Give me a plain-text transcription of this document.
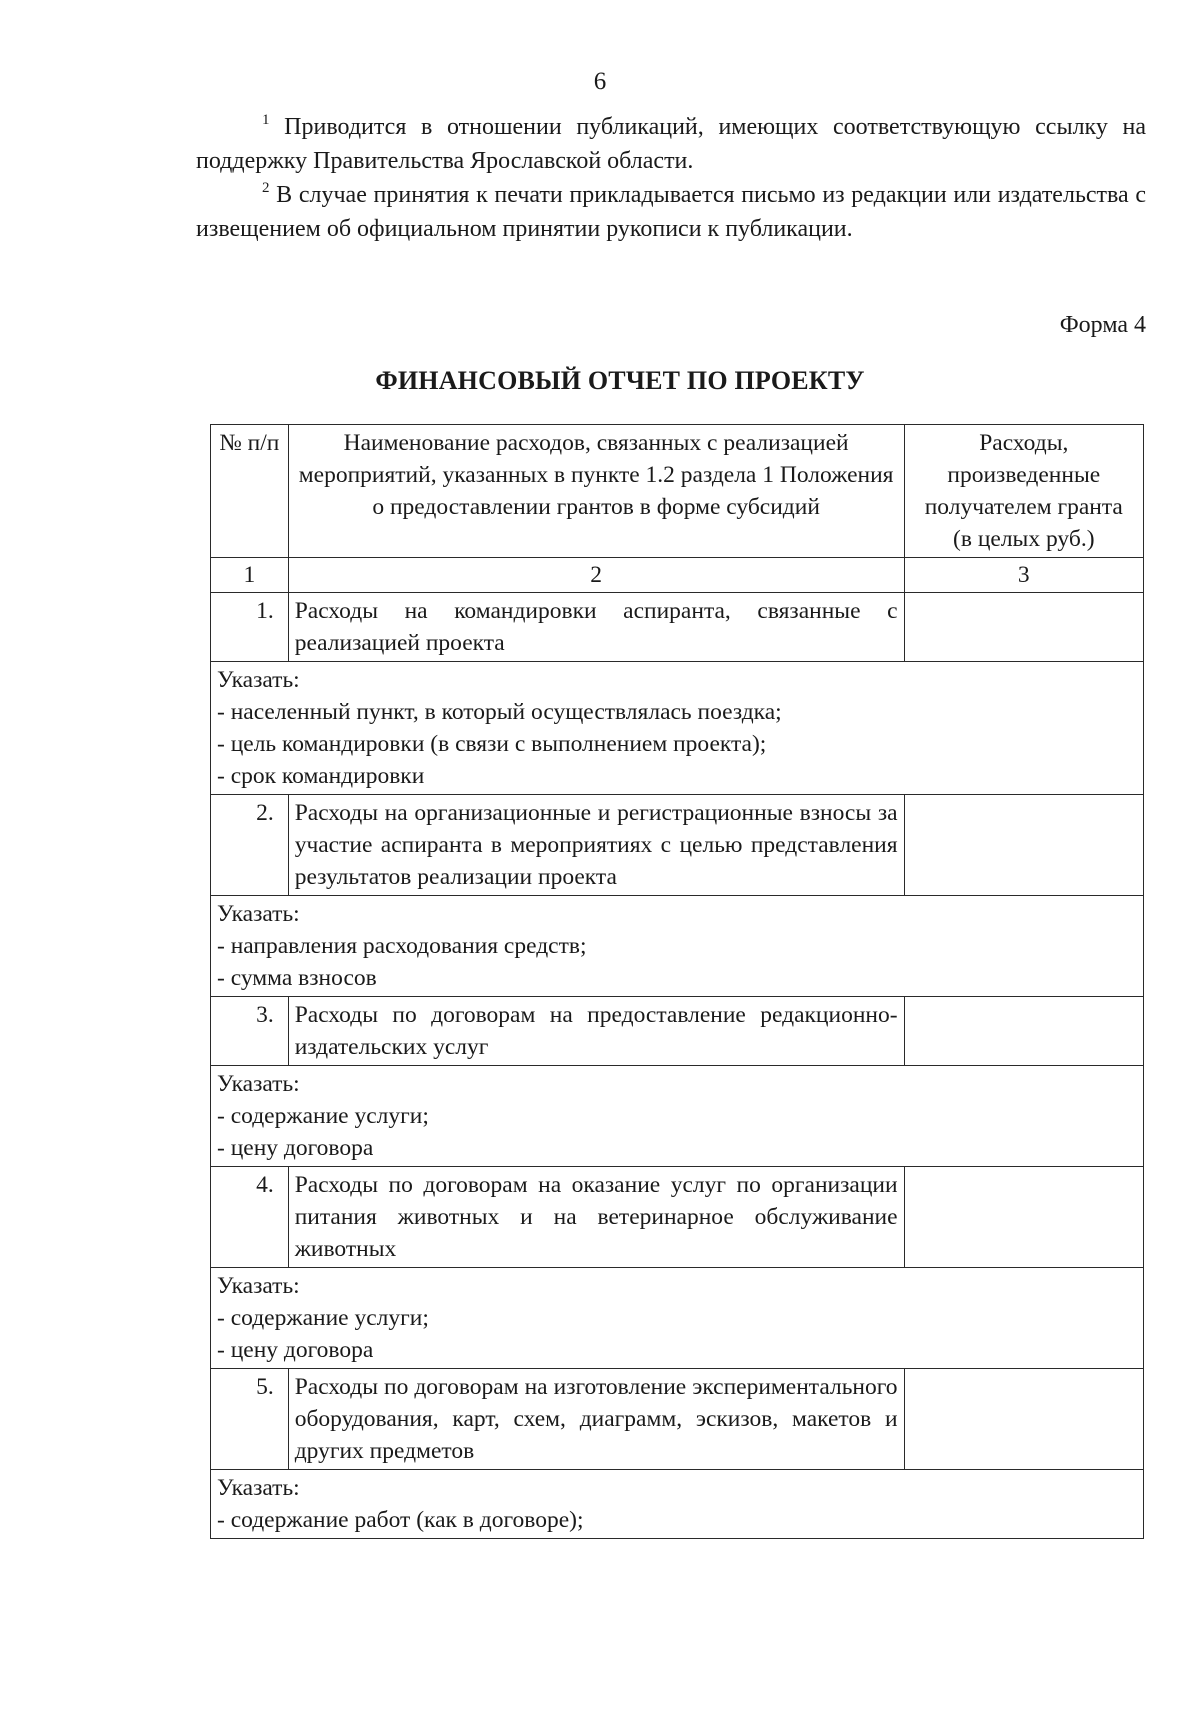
6

$^1$ Приводится в отношении публикаций, имеющих соответствующую ссылку на поддержку Правительства Ярославской области.

$^2$ В случае принятия к печати прикладывается письмо из редакции или издательства с извещением об официальном принятии рукописи к публикации.

Форма 4
ФИНАНСОВЫЙ ОТЧЕТ ПО ПРОЕКТУ
№ п/п	Наименование расходов, связанных с реализацией мероприятий, указанных в пункте 1.2 раздела 1 Положения о предоставлении грантов в форме субсидий	Расходы, произведенные получателем гранта
(в целых руб.)

1	2	3
1.	Расходы на командировки аспиранта, связанные с реализацией проекта	

Указать:
- населенный пункт, в который осуществлялась поездка;
- цель командировки (в связи с выполнением проекта);
- срок командировки		

2.	Расходы на организационные и регистрационные взносы за участие аспиранта в мероприятиях с целью представления результатов реализации проекта	

Указать:
- направления расходования средств;
- сумма взносов		

3.	Расходы по договорам на предоставление редакционно-издательских услуг	

Указать:
- содержание услуги;
- цену договора		

4.	Расходы по договорам на оказание услуг по организации питания животных и на ветеринарное обслуживание животных	

Указать:
- содержание услуги;
- цену договора		

5.	Расходы по договорам на изготовление экспериментального оборудования, карт, схем, диаграмм, эскизов, макетов и других предметов	

Указать:
- содержание работ (как в договоре);		
